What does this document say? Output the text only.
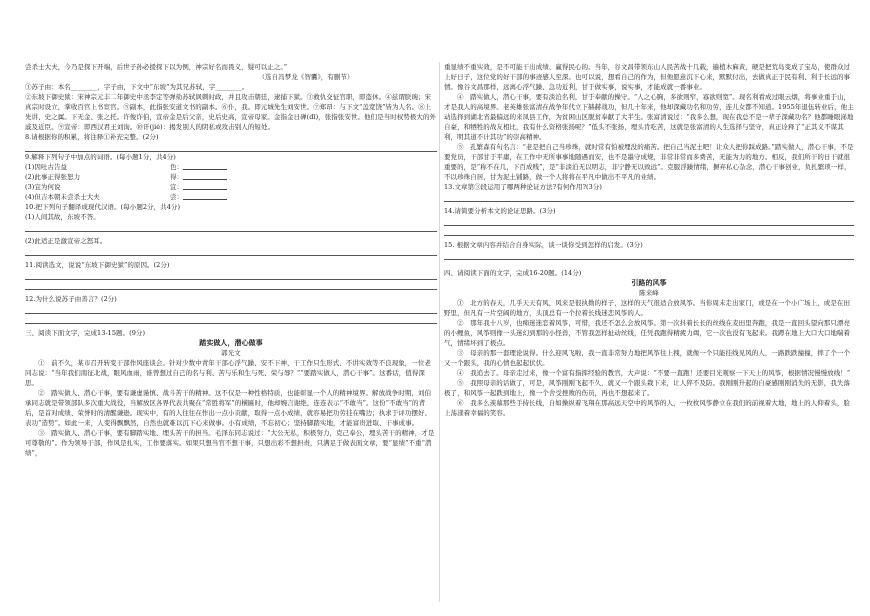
尝杀士大夫，今乃是探下开端，后世子孙必援探下以为例，神宗好名而畏义，疑可以止之。”

（选自冯梦龙《智囊》，有删节）

①苏子由：本名________，字子由，下文中“东坡”为其兄苏轼，字________。

②东坡下御史狱：宋神宗元丰二年御史中丞李定等弹劾苏轼讽刺时政，并且攻击朝廷，逮捕下狱。③救仇交征官职，即盗休。④兹谓朕琬；宋真宗时设立，掌收百官上书宦官。⑤副本，此指张安道文书的副本。⑥仆，我。即元城先生刘安世。⑦郑昂：与下文“盖宽饶”皆为人名。⑧上先讲、史之属。下无金、张之托。许俊诈伯，宣帝金是后父亲，史后史高，宣帝母家。金指金日䃅(dī)，张指张安世。他们是当时权势极大的外戚及近臣。⑨宣帝：即西汉君王刘询。⑩讦(jié)：揭发别人的阴私或攻击别人的短处。

8.请根据你的积累，将注释①补充完整。(2分)

9.解释下列句子中加点的词语。(每小题1分，共4分)

(1)因吐古告益	色：
(2)此事正得张恕力	得：
(3)宜为何说	宜：
(4)但吉本朝未尝杀士大夫	尝：

10.把下列句子翻译成现代汉语。(每小题2分，共4分)

(1)人间其故，东坡不答。

(2)此适正是激宣帝之怒耳。

11.阅读选文，说说“东坡下御史狱”的原因。(2分)

12.为什么说苏子由善言？(2分)

三、阅读下面文字，完成13-15题。(9分)

踏实做人，潜心做事

郭光文

①　前不久，某市召开转变干部作风座谈会。针对少数中青年干部心浮气躁、安不下神、干工作只生形式、不讲实效等不良现象，一位老同志说：“当年我们南征北战，眼风血雨，谁曾想过自己的名与利、苦与乐和生与死、荣与辱？”“要踏实做人，潜心干事”。这番话，值得深思。

②　踏实做人、潜心干事，要有谦虚谨慎、战斗苦干的精神。这不仅是一种性格特质，也能彰显一个人的精神境界。解放战争时期，刘伯承同志就是带领部队多次重大战役，当解放区各界代表共聚在“常胜将军”的横匾时，他却婉言谢绝，连连表示“不敢当”。这份“不敢当”的背后，是首对成绩、荣誉时的清醒谦逊。现实中，有的人往往在作出一点小贡献，取得一点小成绩，就容易把功劳挂在嘴边；执求于评功摆好、表功“造势”。如此一来，人变得飘飘然，自然也就难以沉下心来做事。小有成绩，不忘初心；坚持脚踏实地，才能富贵进取、干事成事。

③　踏实做人、潜心干事，要有脚踏实地、埋头苦干的担当。毛泽东同志说过：“大公无私，积极努力，克己奉公，埋头苦干的精神，才是可尊敬的”。作为领导干部，作风是扎实，工作要落实。如果只想当官不想干事，只想出彩不想担责，只满足于做表面文章，要“显绩”不重“潜绩”，

重显绩不重实效，是不可能干出成绩、赢得民心的。当年，谷文昌带领东山人民苦战十几载，遍植木麻黄，硬是把荒岛变成了宝岛，使群众过上好日子，这位党的好干部的事迹感人至深。也可以说，想看自己的作为，但他愿意沉下心来，默默付出，去做真正于民有利、利于长远的事情。像谷文昌那样，远离心浮气躁、急功近利，甘于做实事，说实事，才能成就一番事业。

④　踏实做人，潜心干事，要有淡泊名利，甘于奉献的操守。“人之心胸，多欲则窄，寡欲则宽”。现名利看成过眼云烟，将事业重于山，才是我人的高境界。老英雄张富清在战争年代立下赫赫战功，但几十年来，他却深藏功名和功劳，连儿女都不知道。1955年退伍转业后，他主动选择到湖北省最偏远的来凤县工作，为贫困山区脱贫奉献了大半生。张富清说过：“我多么想，现在我总不是一辈子深藏功名？他都睡眼涕地自豪，和牺牲的战友相比，我有什么资格张扬呢？”低头不张扬，埋头肯吃苦，这就是张富清的人生选择与坚守，真正诠释了“正其义不谋其利，明其道不计其功”的崇高精神。

⑤　孔繁森有句名言：“老是把自己当珍珠，就时常有怕被埋没的痛苦。把自己当泥土吧！让众人把你踩成路。”踏实做人，潜心干事，不是要党员，干部甘于平庸，在工作中无所事事地随遇而安，也不是墨守成规，非常非常而多费苦，无能为力的地方。相反，我们所干的日干就很重要的，是“称不在几，下百成贱”，是“非淡泊无以明志，非宁静无以致远”。克服浮躁情绪，摒弃私心杂念，潜心干事创业，负扎繁琐一样，不以珍珠自居，甘为泥土铺路，做一个人将将在平凡中做出不平凡的业绩。

13.文章第③段运用了哪两种论证方法?有何作用?(3分)

14.请简要分析本文的论证思路。(3分)

15. 根据文章内容并结合自身实际，谈一谈你受到怎样的启发。(3分)

四、请阅读下面的文字，完成16-20题。(14分)

引路的风筝

陈来峰

①　北方的春天，几乎天天有风，风来是很执拗的样子，这样的天气很适合放风筝。当你周末走出家门，或是在一个小广场上，或是在田野里，但凡有一片空阔的地方，头顶总有一个拉着长线迷恋风筝的人。

②　那年我十八岁，也痴迷迷恋着风筝，可惜，我还不怎么会放风筝。第一次抖着长长的丝线在麦田里奔跑，我是一直回头望向那只漂亮的小鲤鱼，风筝则像一头迷幻到那的小怪兽，不管我怎样扯动丝线，任凭我跑得精疲力竭，它一次也没有飞起来。我蹲在地上大口大口地喘着气，情绪坏到了极点。

③　母亲的那一套理论说得。什么迎风飞啦，我一直非常努力地把风筝往上拽，就像一个只能挂线见风的人，一路跌跌撞撞，摔了个一个又一个跟头，我的心情也起起伏伏。

④　我追去了。母亲走过来，像一个富有指挥经验的教官，大声说：“不要一直跑！还要目光观察一下天上的风筝，根据情况慢慢放线！”

⑤　我照母亲的话做了，可是，风筝刚刚飞起不久，就又一个跟头栽下来，让人猝不及防。我刚刚升起的自豪感刚刚消失的无影，我失落极了，和风筝一起跌到地上，像一个舍受挫败的伤员，再也不想起来了。

⑥　我多么羡慕那些手持长线，自如操纵着飞翔在那高远天空中的风筝的人，一枚枚风筝静立在我们的前视着大地，地上的人仰着头，脸上荡漾着幸福的笑容。
